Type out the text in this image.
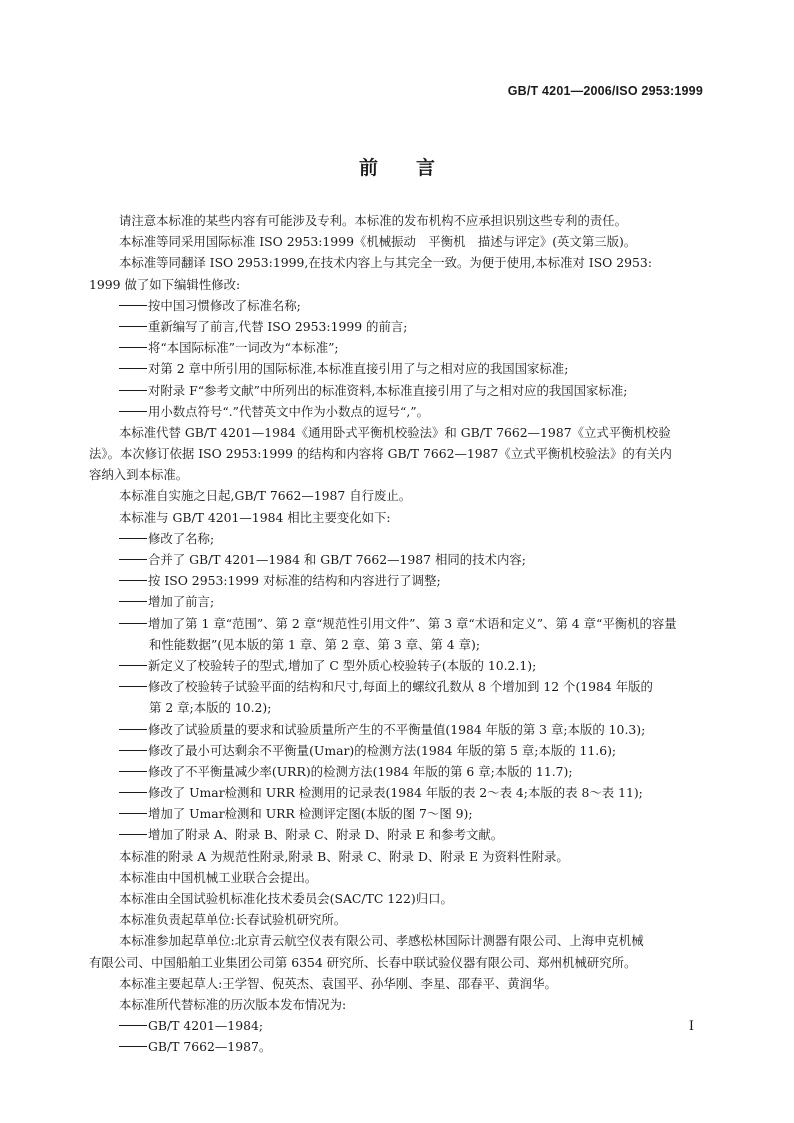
GB/T 4201—2006/ISO 2953:1999
前 言
请注意本标准的某些内容有可能涉及专利。本标准的发布机构不应承担识别这些专利的责任。
本标准等同采用国际标准 ISO 2953:1999《机械振动　平衡机　描述与评定》(英文第三版)。
本标准等同翻译 ISO 2953:1999,在技术内容上与其完全一致。为便于使用,本标准对 ISO 2953:
1999 做了如下编辑性修改:
按中国习惯修改了标准名称;
重新编写了前言,代替 ISO 2953:1999 的前言;
将“本国际标准”一词改为“本标准”;
对第 2 章中所引用的国际标准,本标准直接引用了与之相对应的我国国家标准;
对附录 F“参考文献”中所列出的标准资料,本标准直接引用了与之相对应的我国国家标准;
用小数点符号“.”代替英文中作为小数点的逗号“,”。
本标准代替 GB/T 4201—1984《通用卧式平衡机校验法》和 GB/T 7662—1987《立式平衡机校验
法》。本次修订依据 ISO 2953:1999 的结构和内容将 GB/T 7662—1987《立式平衡机校验法》的有关内
容纳入到本标准。
本标准自实施之日起,GB/T 7662—1987 自行废止。
本标准与 GB/T 4201—1984 相比主要变化如下:
修改了名称;
合并了 GB/T 4201—1984 和 GB/T 7662—1987 相同的技术内容;
按 ISO 2953:1999 对标准的结构和内容进行了调整;
增加了前言;
增加了第 1 章“范围”、第 2 章“规范性引用文件”、第 3 章“术语和定义”、第 4 章“平衡机的容量
和性能数据”(见本版的第 1 章、第 2 章、第 3 章、第 4 章);
新定义了校验转子的型式,增加了 C 型外质心校验转子(本版的 10.2.1);
修改了校验转子试验平面的结构和尺寸,每面上的螺纹孔数从 8 个增加到 12 个(1984 年版的
第 2 章;本版的 10.2);
修改了试验质量的要求和试验质量所产生的不平衡量值(1984 年版的第 3 章;本版的 10.3);
修改了最小可达剩余不平衡量(Umar)的检测方法(1984 年版的第 5 章;本版的 11.6);
修改了不平衡量减少率(URR)的检测方法(1984 年版的第 6 章;本版的 11.7);
修改了 Umar检测和 URR 检测用的记录表(1984 年版的表 2～表 4;本版的表 8～表 11);
增加了 Umar检测和 URR 检测评定图(本版的图 7～图 9);
增加了附录 A、附录 B、附录 C、附录 D、附录 E 和参考文献。
本标准的附录 A 为规范性附录,附录 B、附录 C、附录 D、附录 E 为资料性附录。
本标准由中国机械工业联合会提出。
本标准由全国试验机标准化技术委员会(SAC/TC 122)归口。
本标准负责起草单位:长春试验机研究所。
本标准参加起草单位:北京青云航空仪表有限公司、孝感松林国际计测器有限公司、上海申克机械
有限公司、中国船舶工业集团公司第 6354 研究所、长春中联试验仪器有限公司、郑州机械研究所。
本标准主要起草人:王学智、倪英杰、袁国平、孙华刚、李星、邵春平、黄润华。
本标准所代替标准的历次版本发布情况为:
GB/T 4201—1984;
GB/T 7662—1987。
I
